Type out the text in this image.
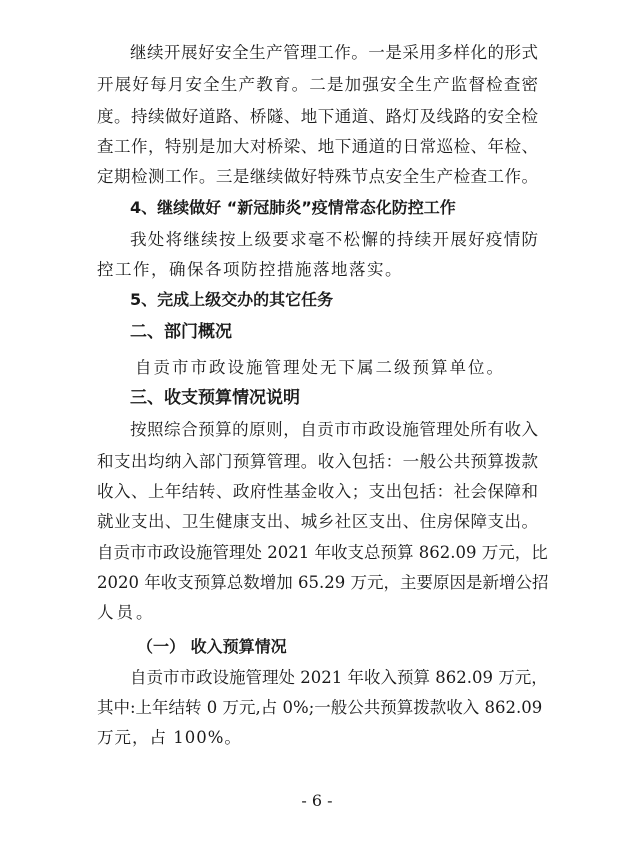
继续开展好安全生产管理工作。一是采用多样化的形式
开展好每月安全生产教育。二是加强安全生产监督检查密
度。持续做好道路、桥隧、地下通道、路灯及线路的安全检
查工作，特别是加大对桥梁、地下通道的日常巡检、年检、
定期检测工作。三是继续做好特殊节点安全生产检查工作。
4、继续做好 “新冠肺炎”疫情常态化防控工作
我处将继续按上级要求毫不松懈的持续开展好疫情防
控工作，确保各项防控措施落地落实。
5、完成上级交办的其它任务
二、部门概况
自贡市市政设施管理处无下属二级预算单位。
三、收支预算情况说明
按照综合预算的原则，自贡市市政设施管理处所有收入
和支出均纳入部门预算管理。收入包括：一般公共预算拨款
收入、上年结转、政府性基金收入；支出包括：社会保障和
就业支出、卫生健康支出、城乡社区支出、住房保障支出。
自贡市市政设施管理处 2021 年收支总预算 862.09 万元，比
2020 年收支预算总数增加 65.29 万元，主要原因是新增公招
人员。
（一） 收入预算情况
自贡市市政设施管理处 2021 年收入预算 862.09 万元，
其中:上年结转 0 万元,占 0%;一般公共预算拨款收入 862.09
万元，占 100%。
- 6 -
